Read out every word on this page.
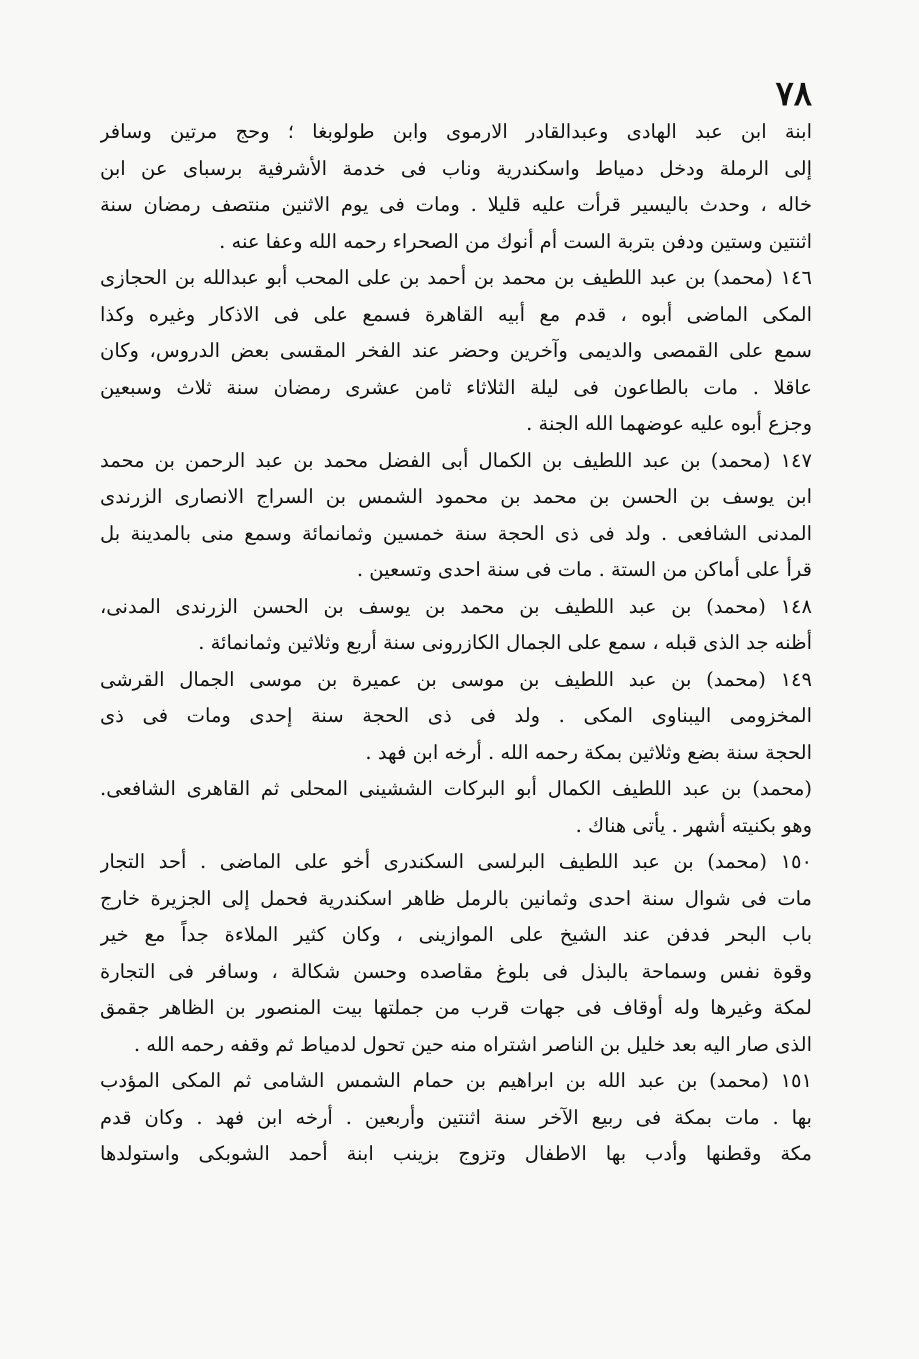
٧٨
ابنة ابن عبد الهادى وعبدالقادر الارموى وابن طولوبغا ؛ وحج مرتين وسافر
إلى الرملة ودخل دمياط واسكندرية وناب فى خدمة الأشرفية برسباى عن ابن
خاله ، وحدث باليسير قرأت عليه قليلا . ومات فى يوم الاثنين منتصف رمضان سنة
اثنتين وستين ودفن بتربة الست أم أنوك من الصحراء رحمه الله وعفا عنه .
١٤٦ (محمد) بن عبد اللطيف بن محمد بن أحمد بن على المحب أبو عبدالله بن الحجازى
المكى الماضى أبوه ، قدم مع أبيه القاهرة فسمع على فى الاذكار وغيره وكذا
سمع على القمصى والديمى وآخرين وحضر عند الفخر المقسى بعض الدروس، وكان
عاقلا . مات بالطاعون فى ليلة الثلاثاء ثامن عشرى رمضان سنة ثلاث وسبعين
وجزع أبوه عليه عوضهما الله الجنة .
١٤٧ (محمد) بن عبد اللطيف بن الكمال أبى الفضل محمد بن عبد الرحمن بن محمد
ابن يوسف بن الحسن بن محمد بن محمود الشمس بن السراج الانصارى الزرندى
المدنى الشافعى . ولد فى ذى الحجة سنة خمسين وثمانمائة وسمع منى بالمدينة بل
قرأ على أماكن من الستة . مات فى سنة احدى وتسعين .
١٤٨ (محمد) بن عبد اللطيف بن محمد بن يوسف بن الحسن الزرندى المدنى،
أظنه جد الذى قبله ، سمع على الجمال الكازرونى سنة أربع وثلاثين وثمانمائة .
١٤٩ (محمد) بن عبد اللطيف بن موسى بن عميرة بن موسى الجمال القرشى
المخزومى اليبناوى المكى . ولد فى ذى الحجة سنة إحدى ومات فى ذى
الحجة سنة بضع وثلاثين بمكة رحمه الله . أرخه ابن فهد .
(محمد) بن عبد اللطيف الكمال أبو البركات الششينى المحلى ثم القاهرى الشافعى.
وهو بكنيته أشهر . يأتى هناك .
١٥٠ (محمد) بن عبد اللطيف البرلسى السكندرى أخو على الماضى . أحد التجار
مات فى شوال سنة احدى وثمانين بالرمل ظاهر اسكندرية فحمل إلى الجزيرة خارج
باب البحر فدفن عند الشيخ على الموازينى ، وكان كثير الملاءة جداً مع خير
وقوة نفس وسماحة بالبذل فى بلوغ مقاصده وحسن شكالة ، وسافر فى التجارة
لمكة وغيرها وله أوقاف فى جهات قرب من جملتها بيت المنصور بن الظاهر جقمق
الذى صار اليه بعد خليل بن الناصر اشتراه منه حين تحول لدمياط ثم وقفه رحمه الله .
١٥١ (محمد) بن عبد الله بن ابراهيم بن حمام الشمس الشامى ثم المكى المؤدب
بها . مات بمكة فى ربيع الآخر سنة اثنتين وأربعين . أرخه ابن فهد . وكان قدم
مكة وقطنها وأدب بها الاطفال وتزوج بزينب ابنة أحمد الشوبكى واستولدها
